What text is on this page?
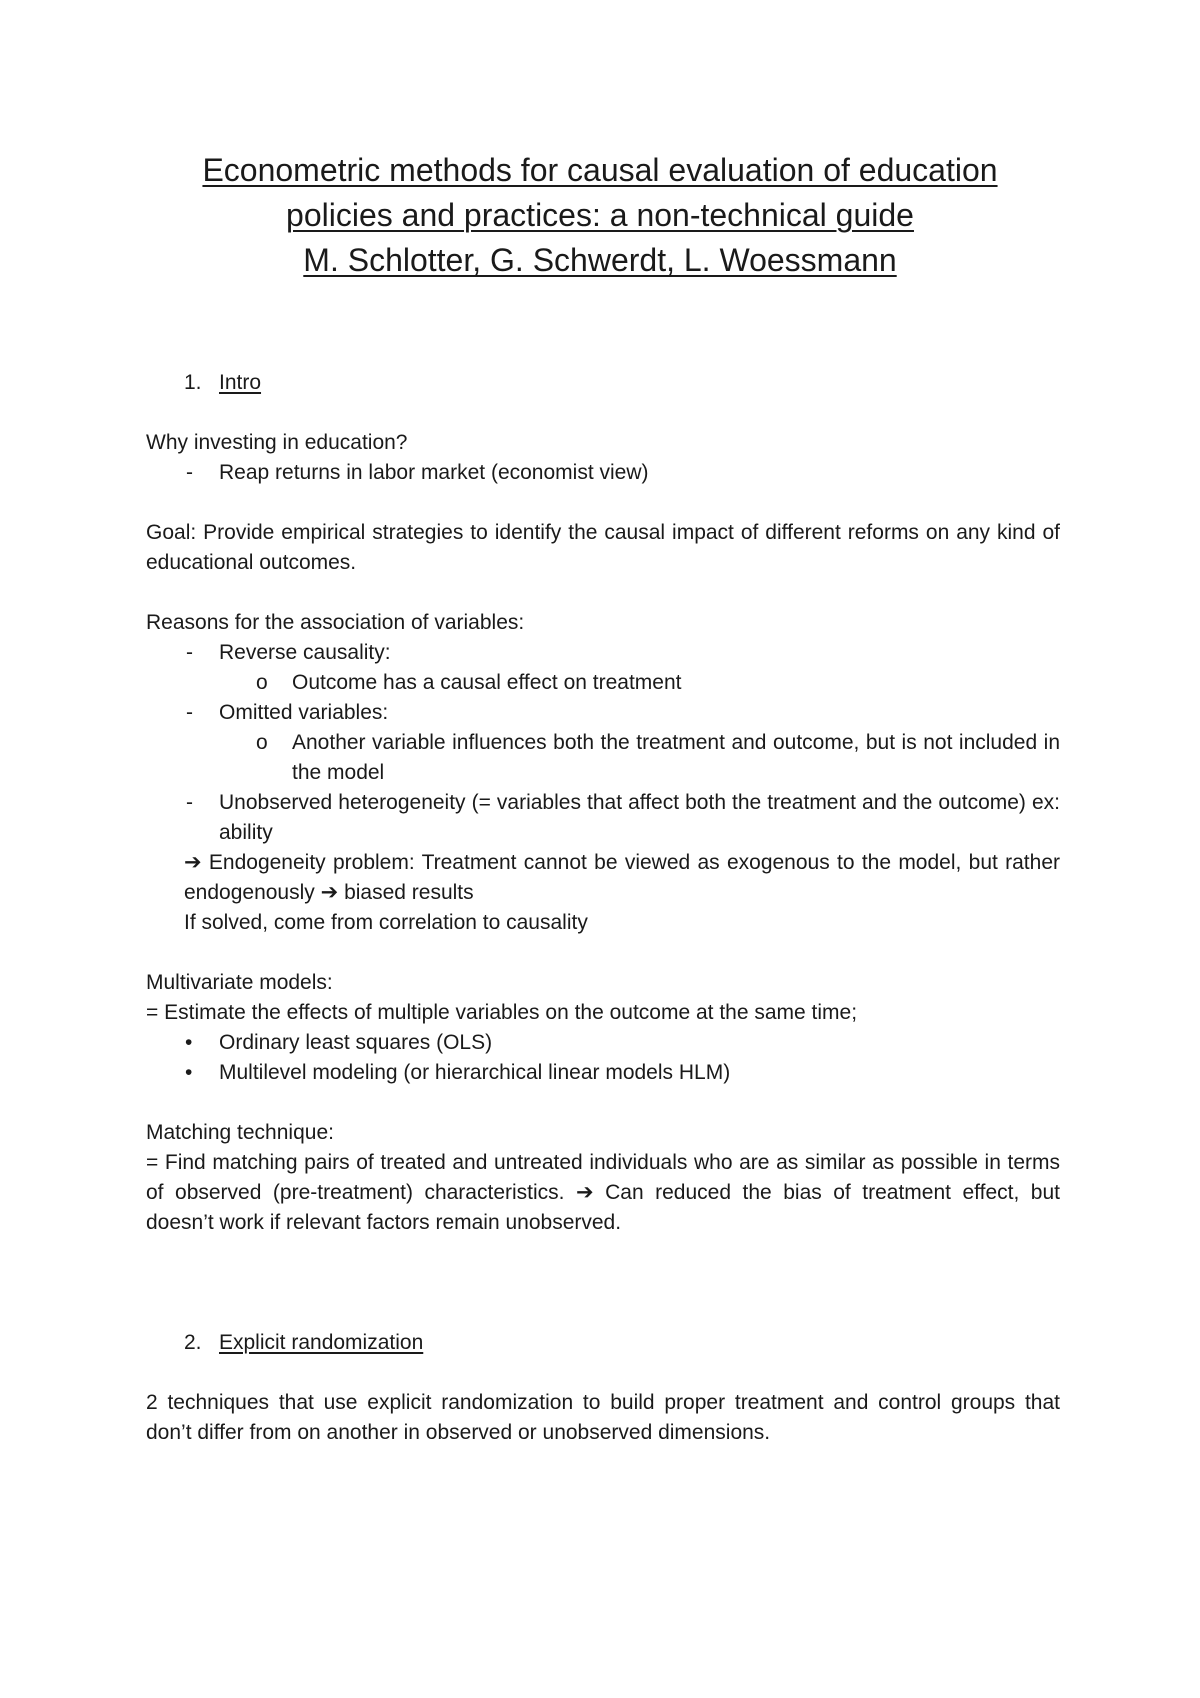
Econometric methods for causal evaluation of education
policies and practices: a non-technical guide
M. Schlotter, G. Schwerdt, L. Woessmann
1. Intro
Why investing in education?
- Reap returns in labor market (economist view)
Goal: Provide empirical strategies to identify the causal impact of different reforms on any kind of educational outcomes.
Reasons for the association of variables:
- Reverse causality:
o Outcome has a causal effect on treatment
- Omitted variables:
o Another variable influences both the treatment and outcome, but is not included in the model
- Unobserved heterogeneity (= variables that affect both the treatment and the outcome) ex: ability
➔ Endogeneity problem: Treatment cannot be viewed as exogenous to the model, but rather endogenously ➔ biased results
If solved, come from correlation to causality
Multivariate models:
= Estimate the effects of multiple variables on the outcome at the same time;
• Ordinary least squares (OLS)
• Multilevel modeling (or hierarchical linear models HLM)
Matching technique:
= Find matching pairs of treated and untreated individuals who are as similar as possible in terms of observed (pre-treatment) characteristics. ➔ Can reduced the bias of treatment effect, but doesn’t work if relevant factors remain unobserved.
2. Explicit randomization
2 techniques that use explicit randomization to build proper treatment and control groups that don’t differ from on another in observed or unobserved dimensions.
